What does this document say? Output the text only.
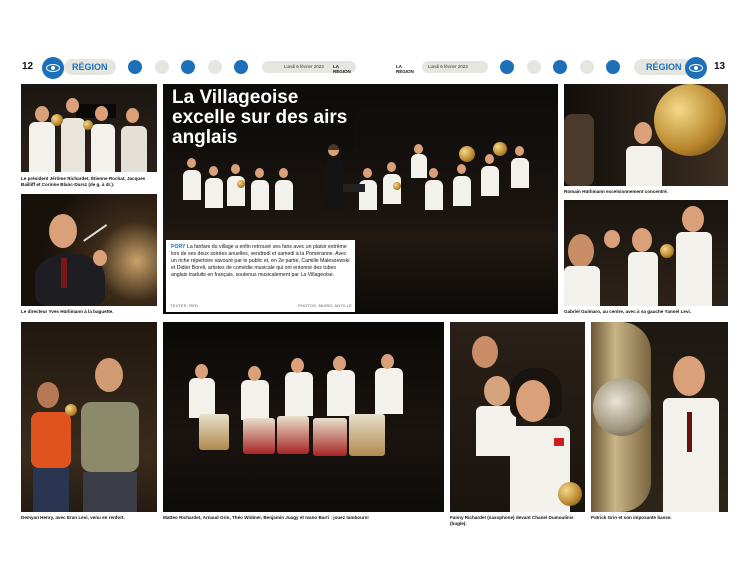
12	RÉGION	Lundi 6 février 2023	LA RÉGION
LA RÉGION
Lundi 6 février 2023	RÉGION	13
Le président Jérôme Richardet, Étienne Rochat, Jacques Bailliff et Corinne Blanc-Dursz (de g. à dr.).
Le directeur Yves Hürlimann à la baguette.
La Villageoise excelle sur des airs anglais
PORY La fanfare du village a enfin retrouvé ses fans avec un plaisir extrême lors de ses deux soirées anuelles, vendredi et samedi à la Poméranne. Avec un riche répertoire savouré par le public et, en 2e partie, Camille Maleszewski et Didier Boreli, artistes de comédie musicale qui ont entonné des tubes anglais traduits en français, soutenus musicalement par La Villageoise.
TEXTES: RED	PHOTOS: MUREL ANTILLE
Romain Hürlimann excelsionnement concentré.
Gabriel Guimaro, au centre, avec à sa gauche Yannel Levi.
Demyan Henry, avec Eran Levi, venu en renfort.	Matteo Richardet, Arnaud Grin, Théo Widmer, Benjamin Juagy et Ivano Barri : jouez tambours!	Fanny Richardet (saxophone) devant Chanel Dumoulinis (bugle).
Patrick Grin et son imposante basse.
